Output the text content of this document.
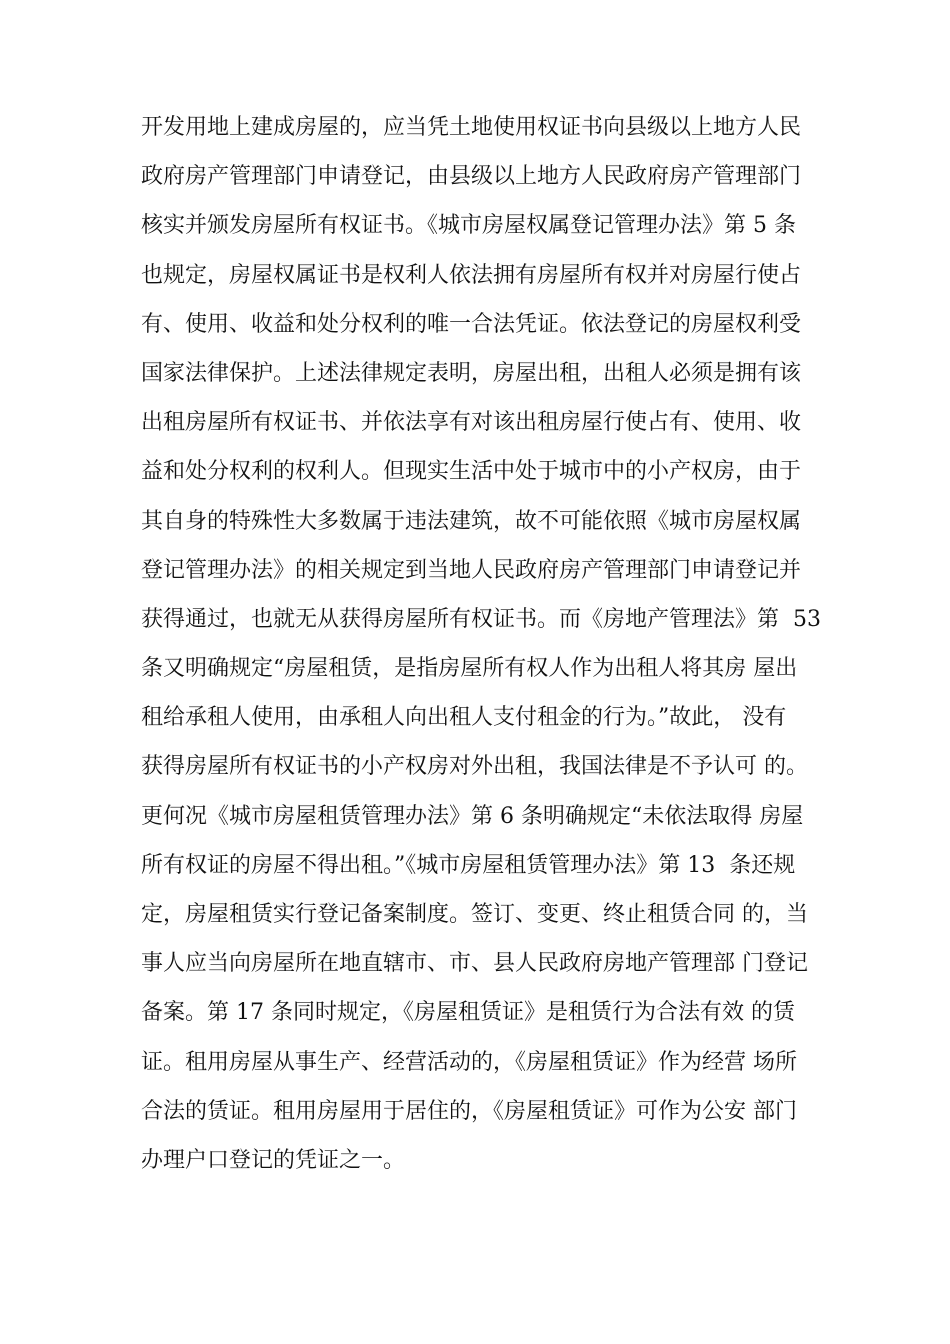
开发用地上建成房屋的，应当凭土地使用权证书向县级以上地方人民
政府房产管理部门申请登记，由县级以上地方人民政府房产管理部门
核实并颁发房屋所有权证书。《城市房屋权属登记管理办法》第 5 条
也规定，房屋权属证书是权利人依法拥有房屋所有权并对房屋行使占
有、使用、收益和处分权利的唯一合法凭证。依法登记的房屋权利受
国家法律保护。上述法律规定表明，房屋出租，出租人必须是拥有该
出租房屋所有权证书、并依法享有对该出租房屋行使占有、使用、收
益和处分权利的权利人。但现实生活中处于城市中的小产权房，由于
其自身的特殊性大多数属于违法建筑，故不可能依照《城市房屋权属
登记管理办法》的相关规定到当地人民政府房产管理部门申请登记并
获得通过，也就无从获得房屋所有权证书。而《房地产管理法》第  53
条又明确规定“房屋租赁，是指房屋所有权人作为出租人将其房 屋出
租给承租人使用，由承租人向出租人支付租金的行为。”故此， 没有
获得房屋所有权证书的小产权房对外出租，我国法律是不予认可 的。
更何况《城市房屋租赁管理办法》第 6 条明确规定“未依法取得 房屋
所有权证的房屋不得出租。”《城市房屋租赁管理办法》第 13  条还规
定，房屋租赁实行登记备案制度。签订、变更、终止租赁合同 的，当
事人应当向房屋所在地直辖市、市、县人民政府房地产管理部 门登记
备案。第 17 条同时规定，《房屋租赁证》是租赁行为合法有效 的赁
证。租用房屋从事生产、经营活动的，《房屋租赁证》作为经营 场所
合法的赁证。租用房屋用于居住的，《房屋租赁证》可作为公安 部门
办理户口登记的凭证之一。
